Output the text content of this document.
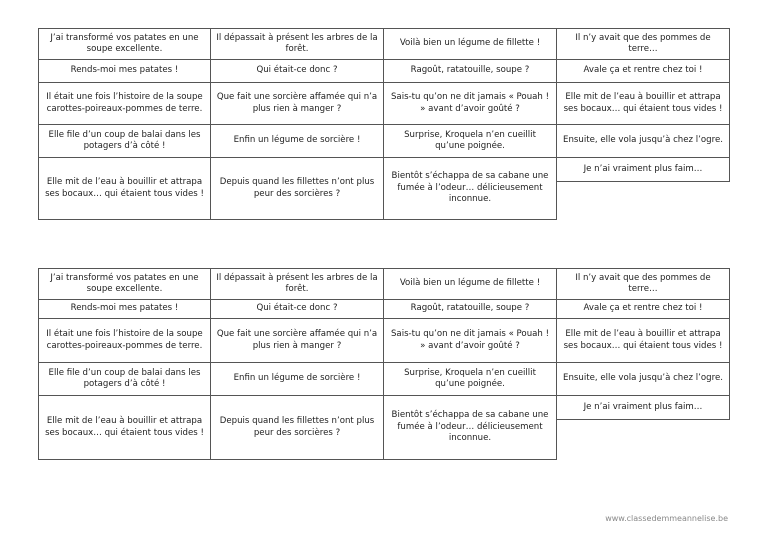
J’ai transformé vos patates en une soupe excellente.
Rends-moi mes patates !
Il était une fois l’histoire de la soupe carottes-poireaux-pommes de terre.
Elle file d’un coup de balai dans les potagers d’à côté !
Elle mit de l’eau à bouillir et attrapa ses bocaux… qui étaient tous vides !
Il dépassait à présent les arbres de la forêt.
Qui était-ce donc ?
Que fait une sorcière affamée qui n’a plus rien à manger ?
Enfin un légume de sorcière !
Depuis quand les fillettes n’ont plus peur des sorcières ?
Voilà bien un légume de fillette !
Ragoût, ratatouille, soupe ?
Sais-tu qu’on ne dit jamais « Pouah ! » avant d’avoir goûté ?
Surprise, Kroquela n’en cueillit qu’une poignée.
Bientôt s’échappa de sa cabane une fumée à l’odeur… délicieusement inconnue.
Il n’y avait que des pommes de terre…
Avale ça et rentre chez toi !
Elle mit de l’eau à bouillir et attrapa ses bocaux… qui étaient tous vides !
Ensuite, elle vola jusqu’à chez l’ogre.
Je n’ai vraiment plus faim…
J’ai transformé vos patates en une soupe excellente.
Rends-moi mes patates !
Il était une fois l’histoire de la soupe carottes-poireaux-pommes de terre.
Elle file d’un coup de balai dans les potagers d’à côté !
Elle mit de l’eau à bouillir et attrapa ses bocaux… qui étaient tous vides !
Il dépassait à présent les arbres de la forêt.
Qui était-ce donc ?
Que fait une sorcière affamée qui n’a plus rien à manger ?
Enfin un légume de sorcière !
Depuis quand les fillettes n’ont plus peur des sorcières ?
Voilà bien un légume de fillette !
Ragoût, ratatouille, soupe ?
Sais-tu qu’on ne dit jamais « Pouah ! » avant d’avoir goûté ?
Surprise, Kroquela n’en cueillit qu’une poignée.
Bientôt s’échappa de sa cabane une fumée à l’odeur… délicieusement inconnue.
Il n’y avait que des pommes de terre…
Avale ça et rentre chez toi !
Elle mit de l’eau à bouillir et attrapa ses bocaux… qui étaient tous vides !
Ensuite, elle vola jusqu’à chez l’ogre.
Je n’ai vraiment plus faim…
www.classedemmeannelise.be
